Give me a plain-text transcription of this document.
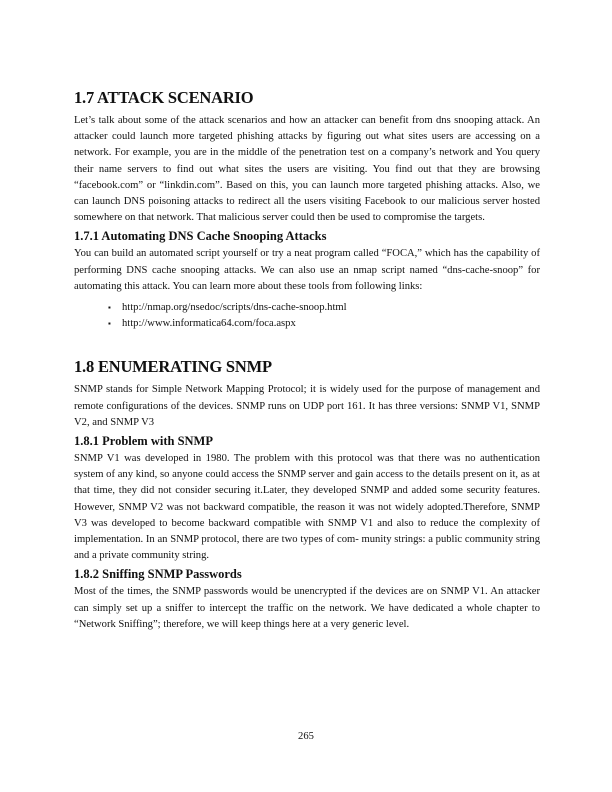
1.7 ATTACK SCENARIO

Let’s talk about some of the attack scenarios and how an attacker can benefit from dns snooping attack. An attacker could launch more targeted phishing attacks by figuring out what sites users are accessing on a network. For example, you are in the middle of the penetration test on a company’s network and You query their name servers to find out what sites the users are visiting. You find out that they are browsing “facebook.com” or “linkdin.com”. Based on this, you can launch more targeted phishing attacks. Also, we can launch DNS poisoning attacks to redirect all the users visiting Facebook to our malicious server hosted somewhere on that network. That malicious server could then be used to compromise the targets.

1.7.1 Automating DNS Cache Snooping Attacks

You can build an automated script yourself or try a neat program called “FOCA,” which has the capability of performing DNS cache snooping attacks. We can also use an nmap script named “dns-cache-snoop” for automating this attack. You can learn more about these tools from following links:

▪ http://nmap.org/nsedoc/scripts/dns-cache-snoop.html
▪ http://www.informatica64.com/foca.aspx
1.8 ENUMERATING SNMP

SNMP stands for Simple Network Mapping Protocol; it is widely used for the purpose of management and remote configurations of the devices. SNMP runs on UDP port 161. It has three versions: SNMP V1, SNMP V2, and SNMP V3

1.8.1 Problem with SNMP

SNMP V1 was developed in 1980. The problem with this protocol was that there was no authentication system of any kind, so anyone could access the SNMP server and gain access to the details present on it, as at that time, they did not consider securing it.Later, they developed SNMP and added some security features. However, SNMP V2 was not backward compatible, the reason it was not widely adopted.Therefore, SNMP V3 was developed to become backward compatible with SNMP V1 and also to reduce the complexity of implementation. In an SNMP protocol, there are two types of com- munity strings: a public community string and a private community string.

1.8.2 Sniffing SNMP Passwords

Most of the times, the SNMP passwords would be unencrypted if the devices are on SNMP V1. An attacker can simply set up a sniffer to intercept the traffic on the network. We have dedicated a whole chapter to “Network Sniffing”; therefore, we will keep things here at a very generic level.

265
